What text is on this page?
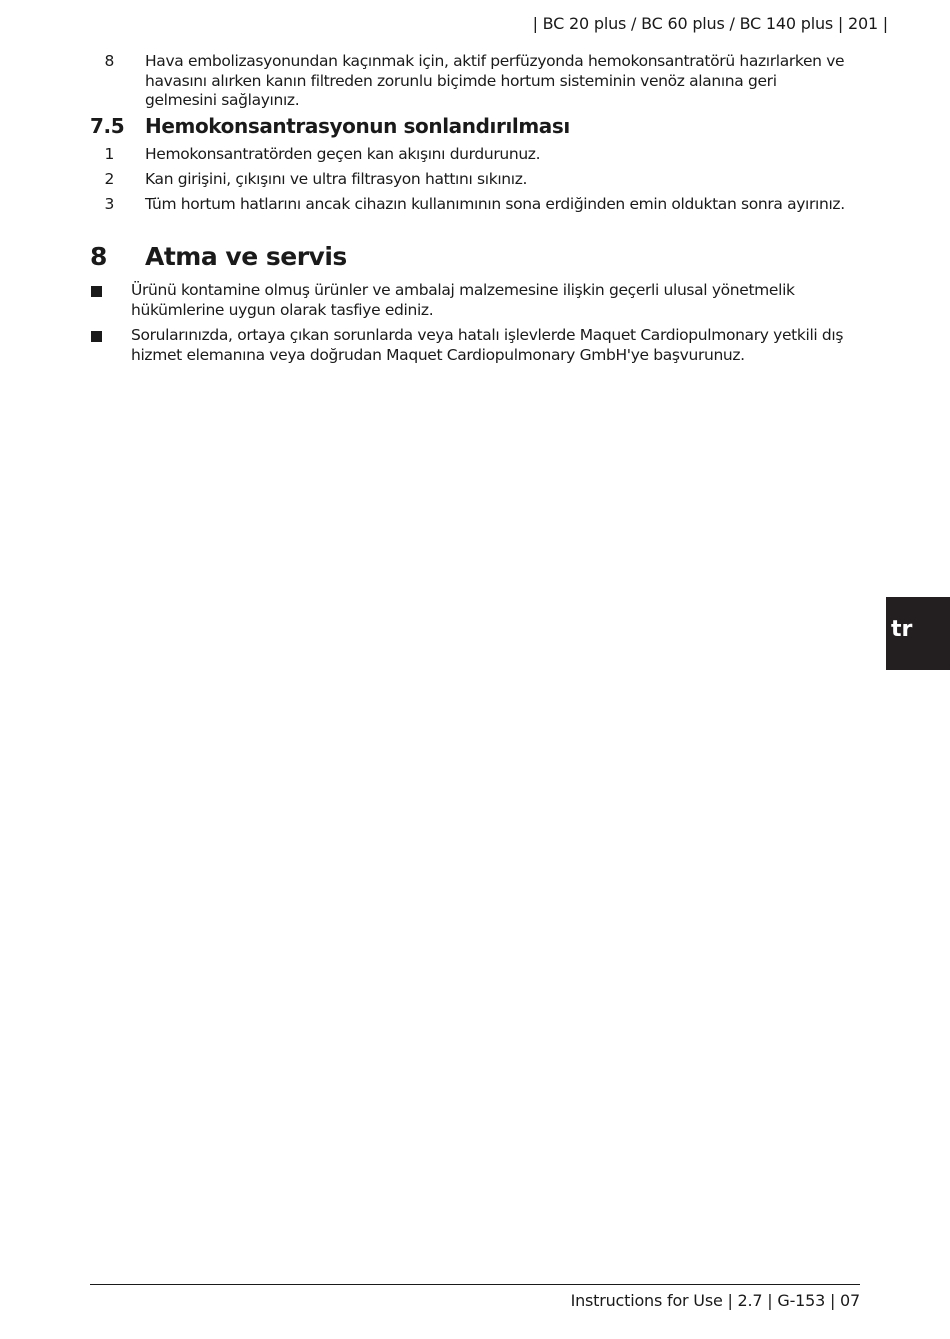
| BC 20 plus / BC 60 plus / BC 140 plus | 201 |
8 Hava embolizasyonundan kaçınmak için, aktif perfüzyonda hemokonsantratörü hazırlarken ve havasını alırken kanın filtreden zorunlu biçimde hortum sisteminin venöz alanına geri gelmesini sağlayınız.
7.5 Hemokonsantrasyonun sonlandırılması
1 Hemokonsantratörden geçen kan akışını durdurunuz.
2 Kan girişini, çıkışını ve ultra filtrasyon hattını sıkınız.
3 Tüm hortum hatlarını ancak cihazın kullanımının sona erdiğinden emin olduktan sonra ayırınız.
8 Atma ve servis
Ürünü kontamine olmuş ürünler ve ambalaj malzemesine ilişkin geçerli ulusal yönetmelik hükümlerine uygun olarak tasfiye ediniz.
Sorularınızda, ortaya çıkan sorunlarda veya hatalı işlevlerde Maquet Cardiopulmonary yetkili dış hizmet elemanına veya doğrudan Maquet Cardiopulmonary GmbH'ye başvurunuz.
tr
Instructions for Use | 2.7 | G-153 | 07
